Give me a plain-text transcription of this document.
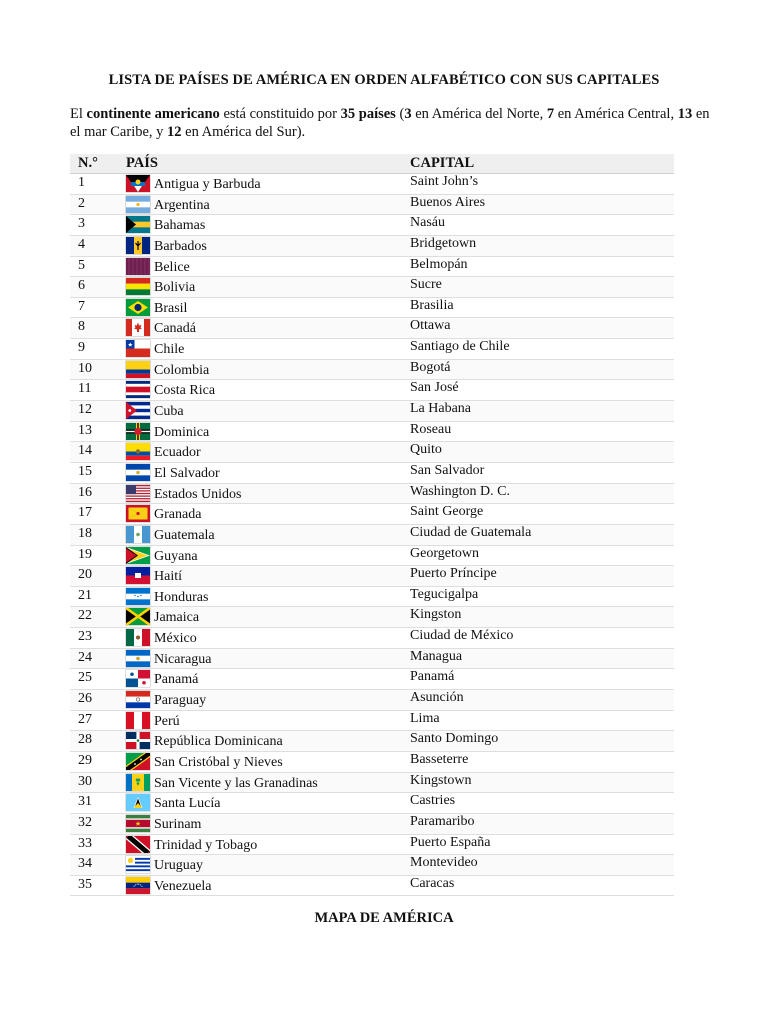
LISTA DE PAÍSES DE AMÉRICA EN ORDEN ALFABÉTICO CON SUS CAPITALES
El continente americano está constituido por 35 países (3 en América del Norte, 7 en América Central, 13 en el mar Caribe, y 12 en América del Sur).
N.°	PAÍS	CAPITAL
1	Antigua y Barbuda	Saint John’s
2	Argentina	Buenos Aires
3	Bahamas	Nasáu
4	Barbados	Bridgetown
5	Belice	Belmopán
6	Bolivia	Sucre
7	Brasil	Brasilia
8	Canadá	Ottawa
9	Chile	Santiago de Chile
10	Colombia	Bogotá
11	Costa Rica	San José
12	Cuba	La Habana
13	Dominica	Roseau
14	Ecuador	Quito
15	El Salvador	San Salvador
16	Estados Unidos	Washington D. C.
17	Granada	Saint George
18	Guatemala	Ciudad de Guatemala
19	Guyana	Georgetown
20	Haití	Puerto Príncipe
21	Honduras	Tegucigalpa
22	Jamaica	Kingston
23	México	Ciudad de México
24	Nicaragua	Managua
25	Panamá	Panamá
26	Paraguay	Asunción
27	Perú	Lima
28	República Dominicana	Santo Domingo
29	San Cristóbal y Nieves	Basseterre
30	San Vicente y las Granadinas	Kingstown
31	Santa Lucía	Castries
32	Surinam	Paramaribo
33	Trinidad y Tobago	Puerto España
34	Uruguay	Montevideo
35	Venezuela	Caracas
MAPA DE AMÉRICA
